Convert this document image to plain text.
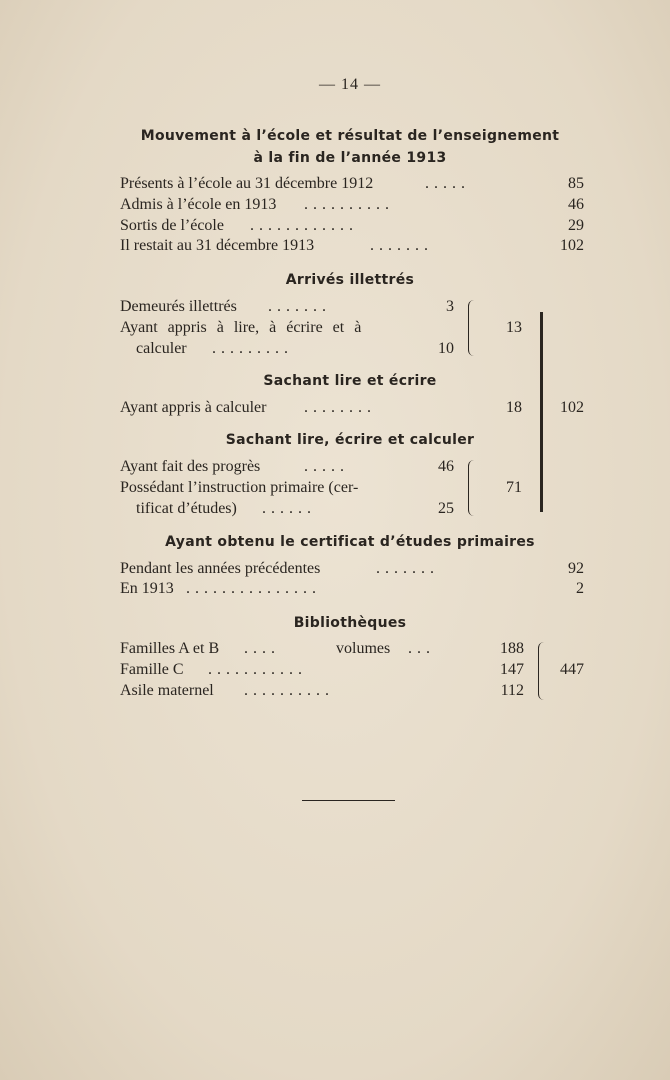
— 14 —
Mouvement à l’école et résultat de l’enseignement
à la fin de l’année 1913
Présents à l’école au 31 décembre 1912	.....	85
Admis à l’école en 1913 ..........	46
Sortis de l’école ............	29
Il restait au 31 décembre 1913	.......	102
Arrivés illettrés
Demeurés illettrés .......	3
Ayant appris à lire, à écrire et à
calculer .........	10
13
Sachant lire et écrire
Ayant appris à calculer ........	18	102
Sachant lire, écrire et calculer
Ayant fait des progrès	.....	46
Possédant l’instruction primaire (cer-
tificat d’études) ......	25
71
Ayant obtenu le certificat d’études primaires
Pendant les années précédentes	.......	92
En 1913 ...............	2
Bibliothèques
Familles A et B ....	volumes ...	188
Famille C ...........	147
Asile maternel ..........	112
447
